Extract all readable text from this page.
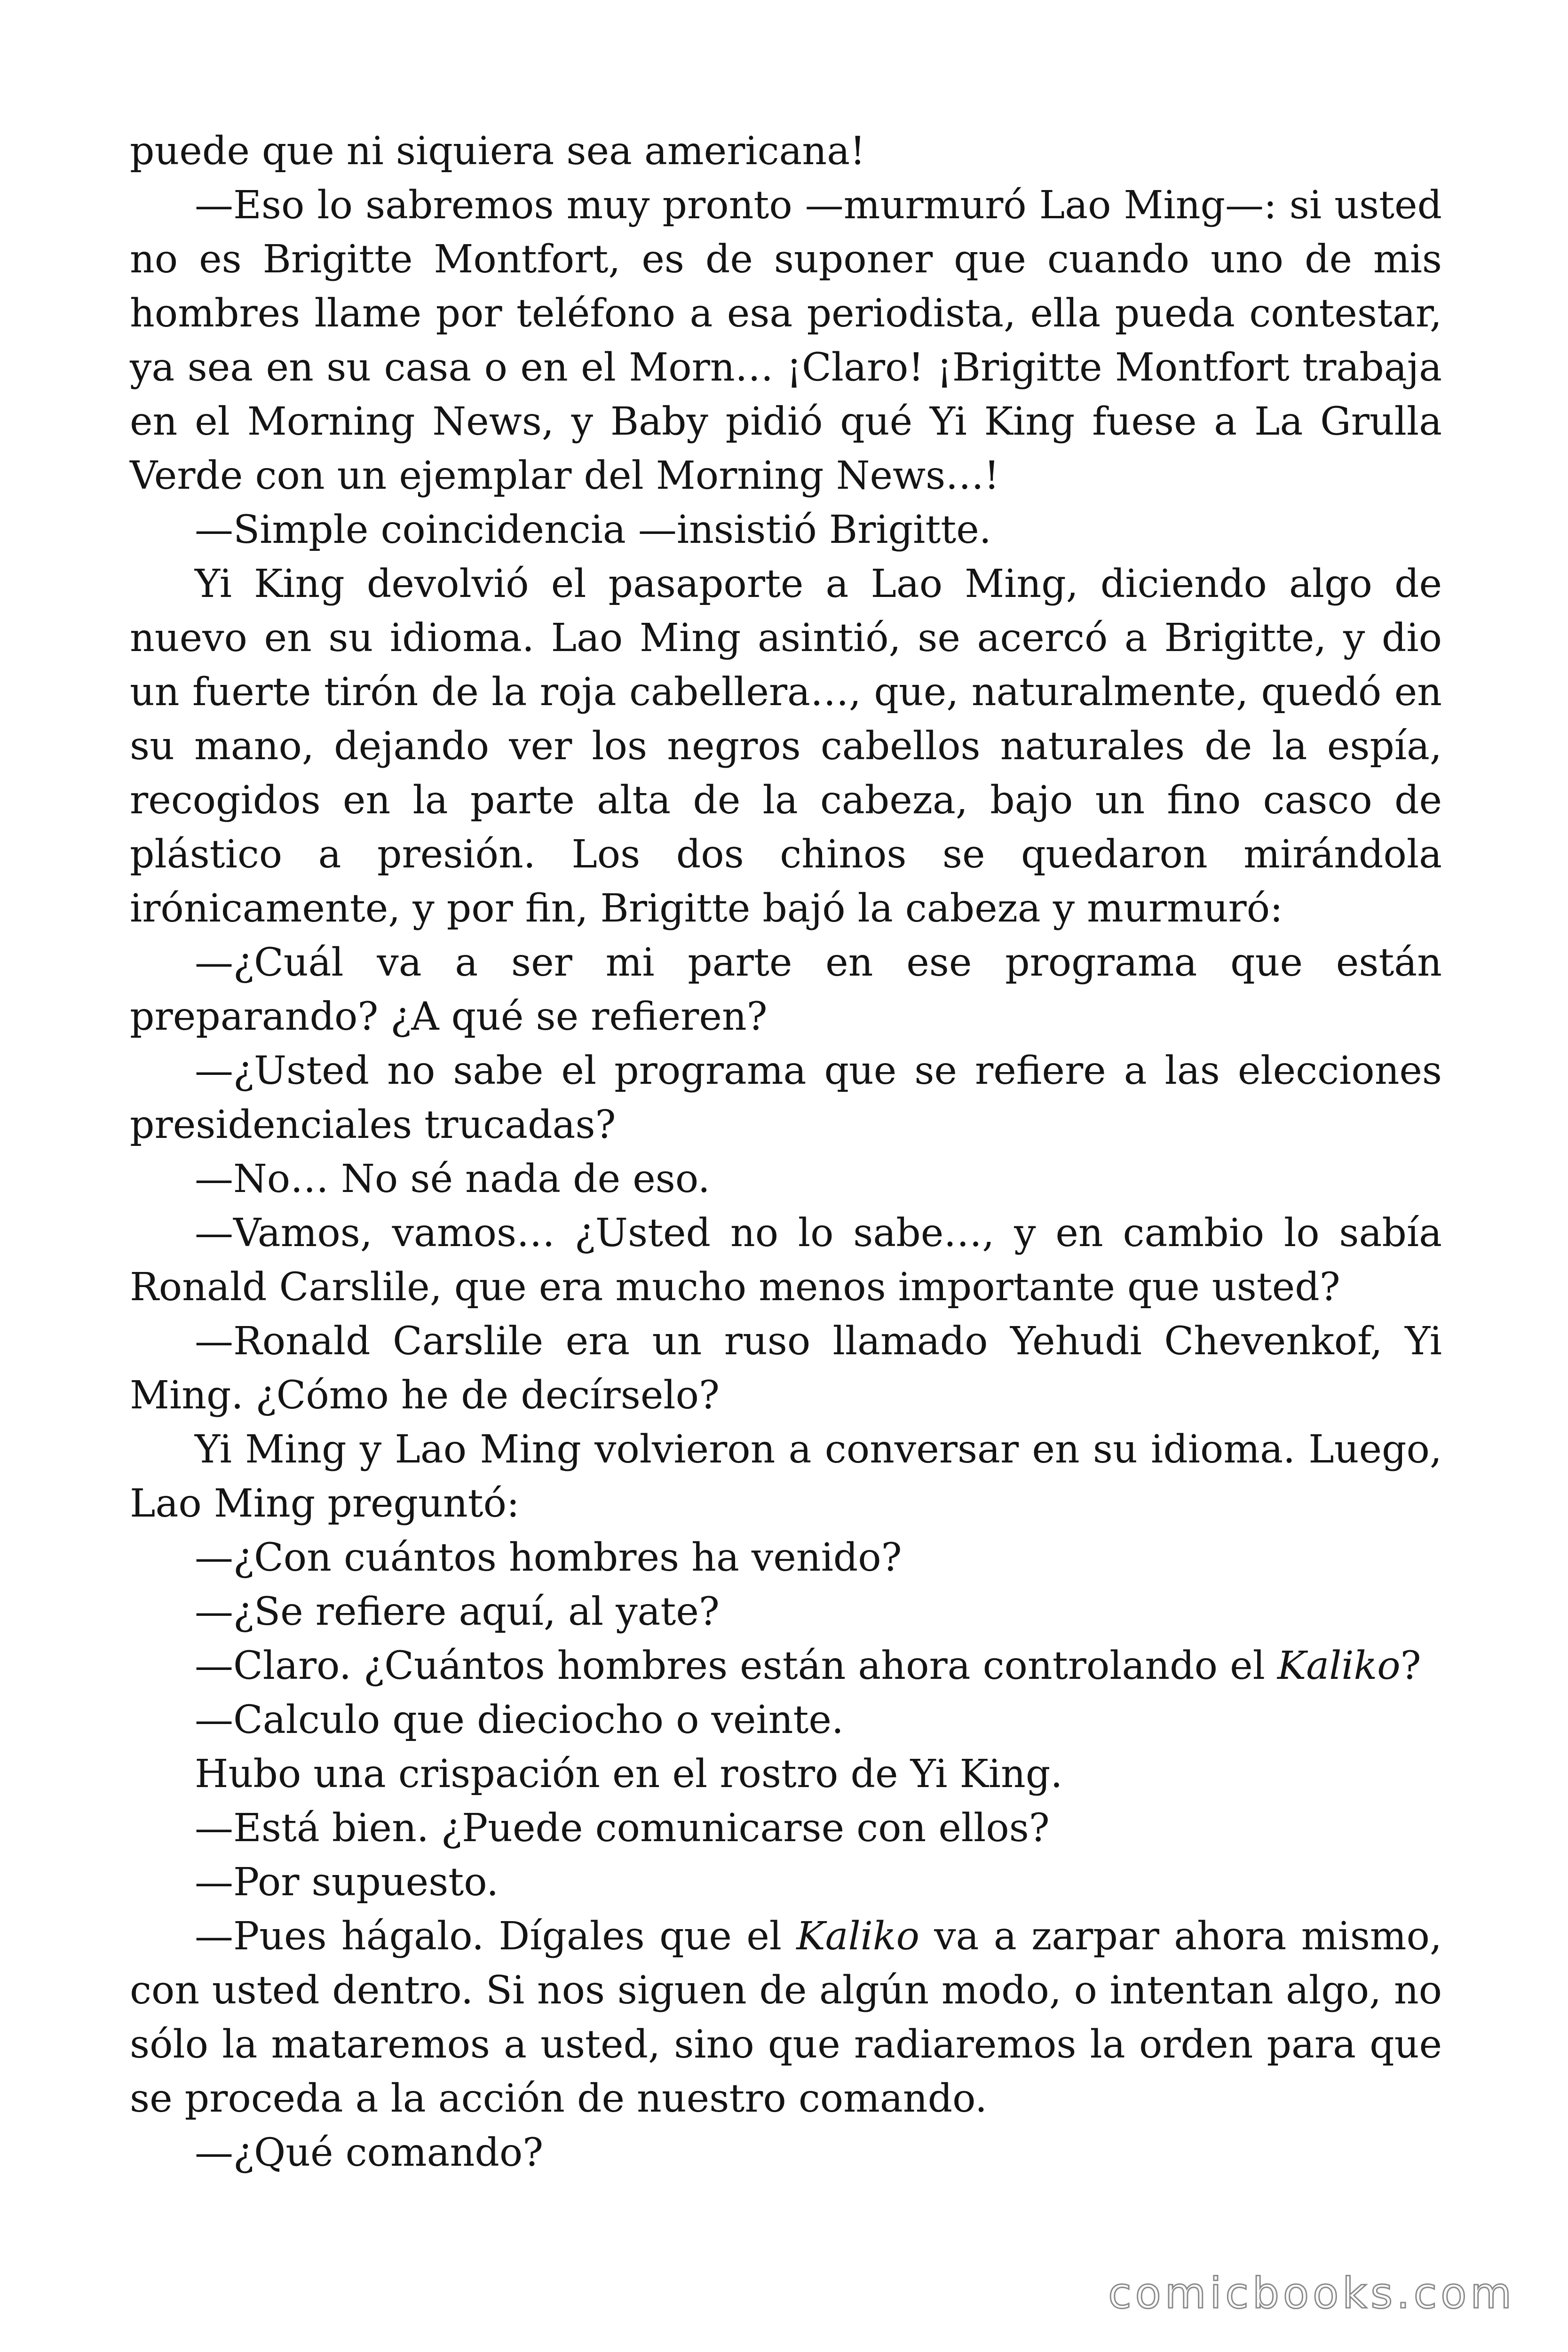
puede que ni siquiera sea americana!

—Eso lo sabremos muy pronto —murmuró Lao Ming—: si usted no es Brigitte Montfort, es de suponer que cuando uno de mis hombres llame por teléfono a esa periodista, ella pueda contestar, ya sea en su casa o en el Morn… ¡Claro! ¡Brigitte Montfort trabaja en el Morning News, y Baby pidió qué Yi King fuese a La Grulla Verde con un ejemplar del Morning News…!

—Simple coincidencia —insistió Brigitte.

Yi King devolvió el pasaporte a Lao Ming, diciendo algo de nuevo en su idioma. Lao Ming asintió, se acercó a Brigitte, y dio un fuerte tirón de la roja cabellera…, que, naturalmente, quedó en su mano, dejando ver los negros cabellos naturales de la espía, recogidos en la parte alta de la cabeza, bajo un fino casco de plástico a presión. Los dos chinos se quedaron mirándola irónicamente, y por fin, Brigitte bajó la cabeza y murmuró:

—¿Cuál va a ser mi parte en ese programa que están preparando? ¿A qué se refieren?

—¿Usted no sabe el programa que se refiere a las elecciones presidenciales trucadas?

—No… No sé nada de eso.

—Vamos, vamos… ¿Usted no lo sabe…, y en cambio lo sabía Ronald Carslile, que era mucho menos importante que usted?

—Ronald Carslile era un ruso llamado Yehudi Chevenkof, Yi Ming. ¿Cómo he de decírselo?

Yi Ming y Lao Ming volvieron a conversar en su idioma. Luego, Lao Ming preguntó:

—¿Con cuántos hombres ha venido?

—¿Se refiere aquí, al yate?

—Claro. ¿Cuántos hombres están ahora controlando el Kaliko?

—Calculo que dieciocho o veinte.

Hubo una crispación en el rostro de Yi King.

—Está bien. ¿Puede comunicarse con ellos?

—Por supuesto.

—Pues hágalo. Dígales que el Kaliko va a zarpar ahora mismo, con usted dentro. Si nos siguen de algún modo, o intentan algo, no sólo la mataremos a usted, sino que radiaremos la orden para que se proceda a la acción de nuestro comando.

—¿Qué comando?

comicbooks.com
